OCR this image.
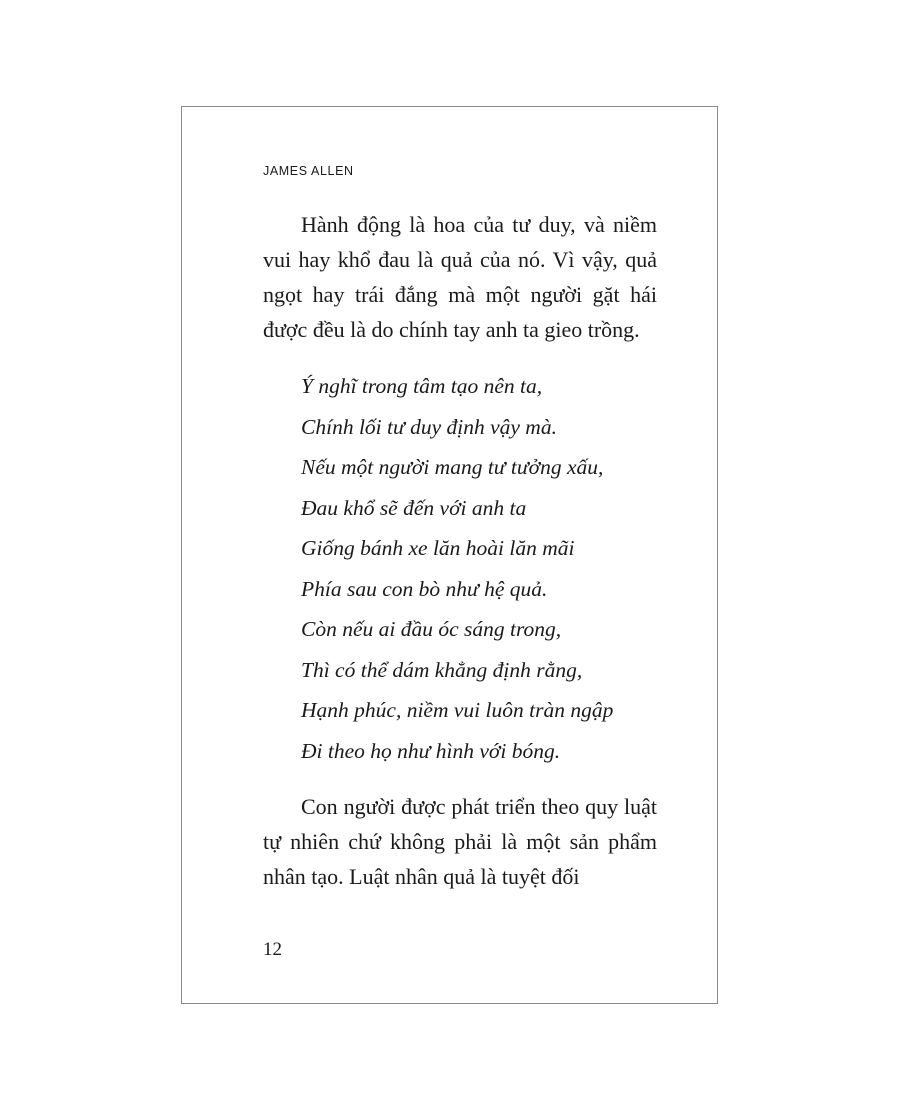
JAMES ALLEN

Hành động là hoa của tư duy, và niềm vui hay khổ đau là quả của nó. Vì vậy, quả ngọt hay trái đắng mà một người gặt hái được đều là do chính tay anh ta gieo trồng.

Ý nghĩ trong tâm tạo nên ta,
Chính lối tư duy định vậy mà.
Nếu một người mang tư tưởng xấu,
Đau khổ sẽ đến với anh ta
Giống bánh xe lăn hoài lăn mãi
Phía sau con bò như hệ quả.
Còn nếu ai đầu óc sáng trong,
Thì có thể dám khẳng định rằng,
Hạnh phúc, niềm vui luôn tràn ngập
Đi theo họ như hình với bóng.

Con người được phát triển theo quy luật tự nhiên chứ không phải là một sản phẩm nhân tạo. Luật nhân quả là tuyệt đối

12
